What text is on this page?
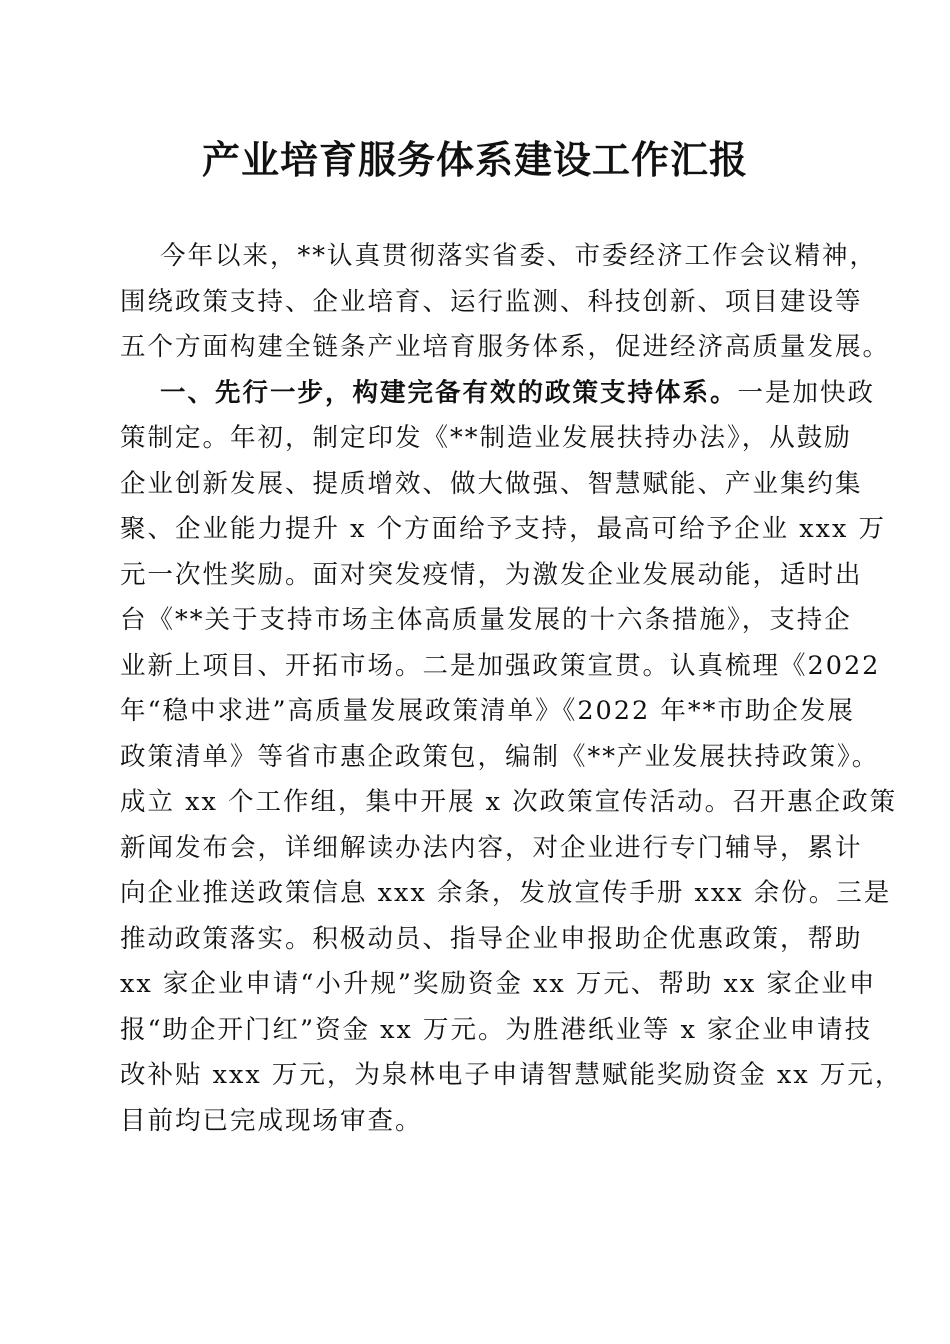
产业培育服务体系建设工作汇报
今年以来，**认真贯彻落实省委、市委经济工作会议精神，
围绕政策支持、企业培育、运行监测、科技创新、项目建设等
五个方面构建全链条产业培育服务体系，促进经济高质量发展。
一、先行一步，构建完备有效的政策支持体系。一是加快政
策制定。年初，制定印发《**制造业发展扶持办法》，从鼓励
企业创新发展、提质增效、做大做强、智慧赋能、产业集约集
聚、企业能力提升 x 个方面给予支持，最高可给予企业 xxx 万
元一次性奖励。面对突发疫情，为激发企业发展动能，适时出
台《**关于支持市场主体高质量发展的十六条措施》，支持企
业新上项目、开拓市场。二是加强政策宣贯。认真梳理《2022
年“稳中求进”高质量发展政策清单》《2022 年**市助企发展
政策清单》等省市惠企政策包，编制《**产业发展扶持政策》。
成立 xx 个工作组，集中开展 x 次政策宣传活动。召开惠企政策
新闻发布会，详细解读办法内容，对企业进行专门辅导，累计
向企业推送政策信息 xxx 余条，发放宣传手册 xxx 余份。三是
推动政策落实。积极动员、指导企业申报助企优惠政策，帮助
xx 家企业申请“小升规”奖励资金 xx 万元、帮助 xx 家企业申
报“助企开门红”资金 xx 万元。为胜港纸业等 x 家企业申请技
改补贴 xxx 万元，为泉林电子申请智慧赋能奖励资金 xx 万元，
目前均已完成现场审查。
